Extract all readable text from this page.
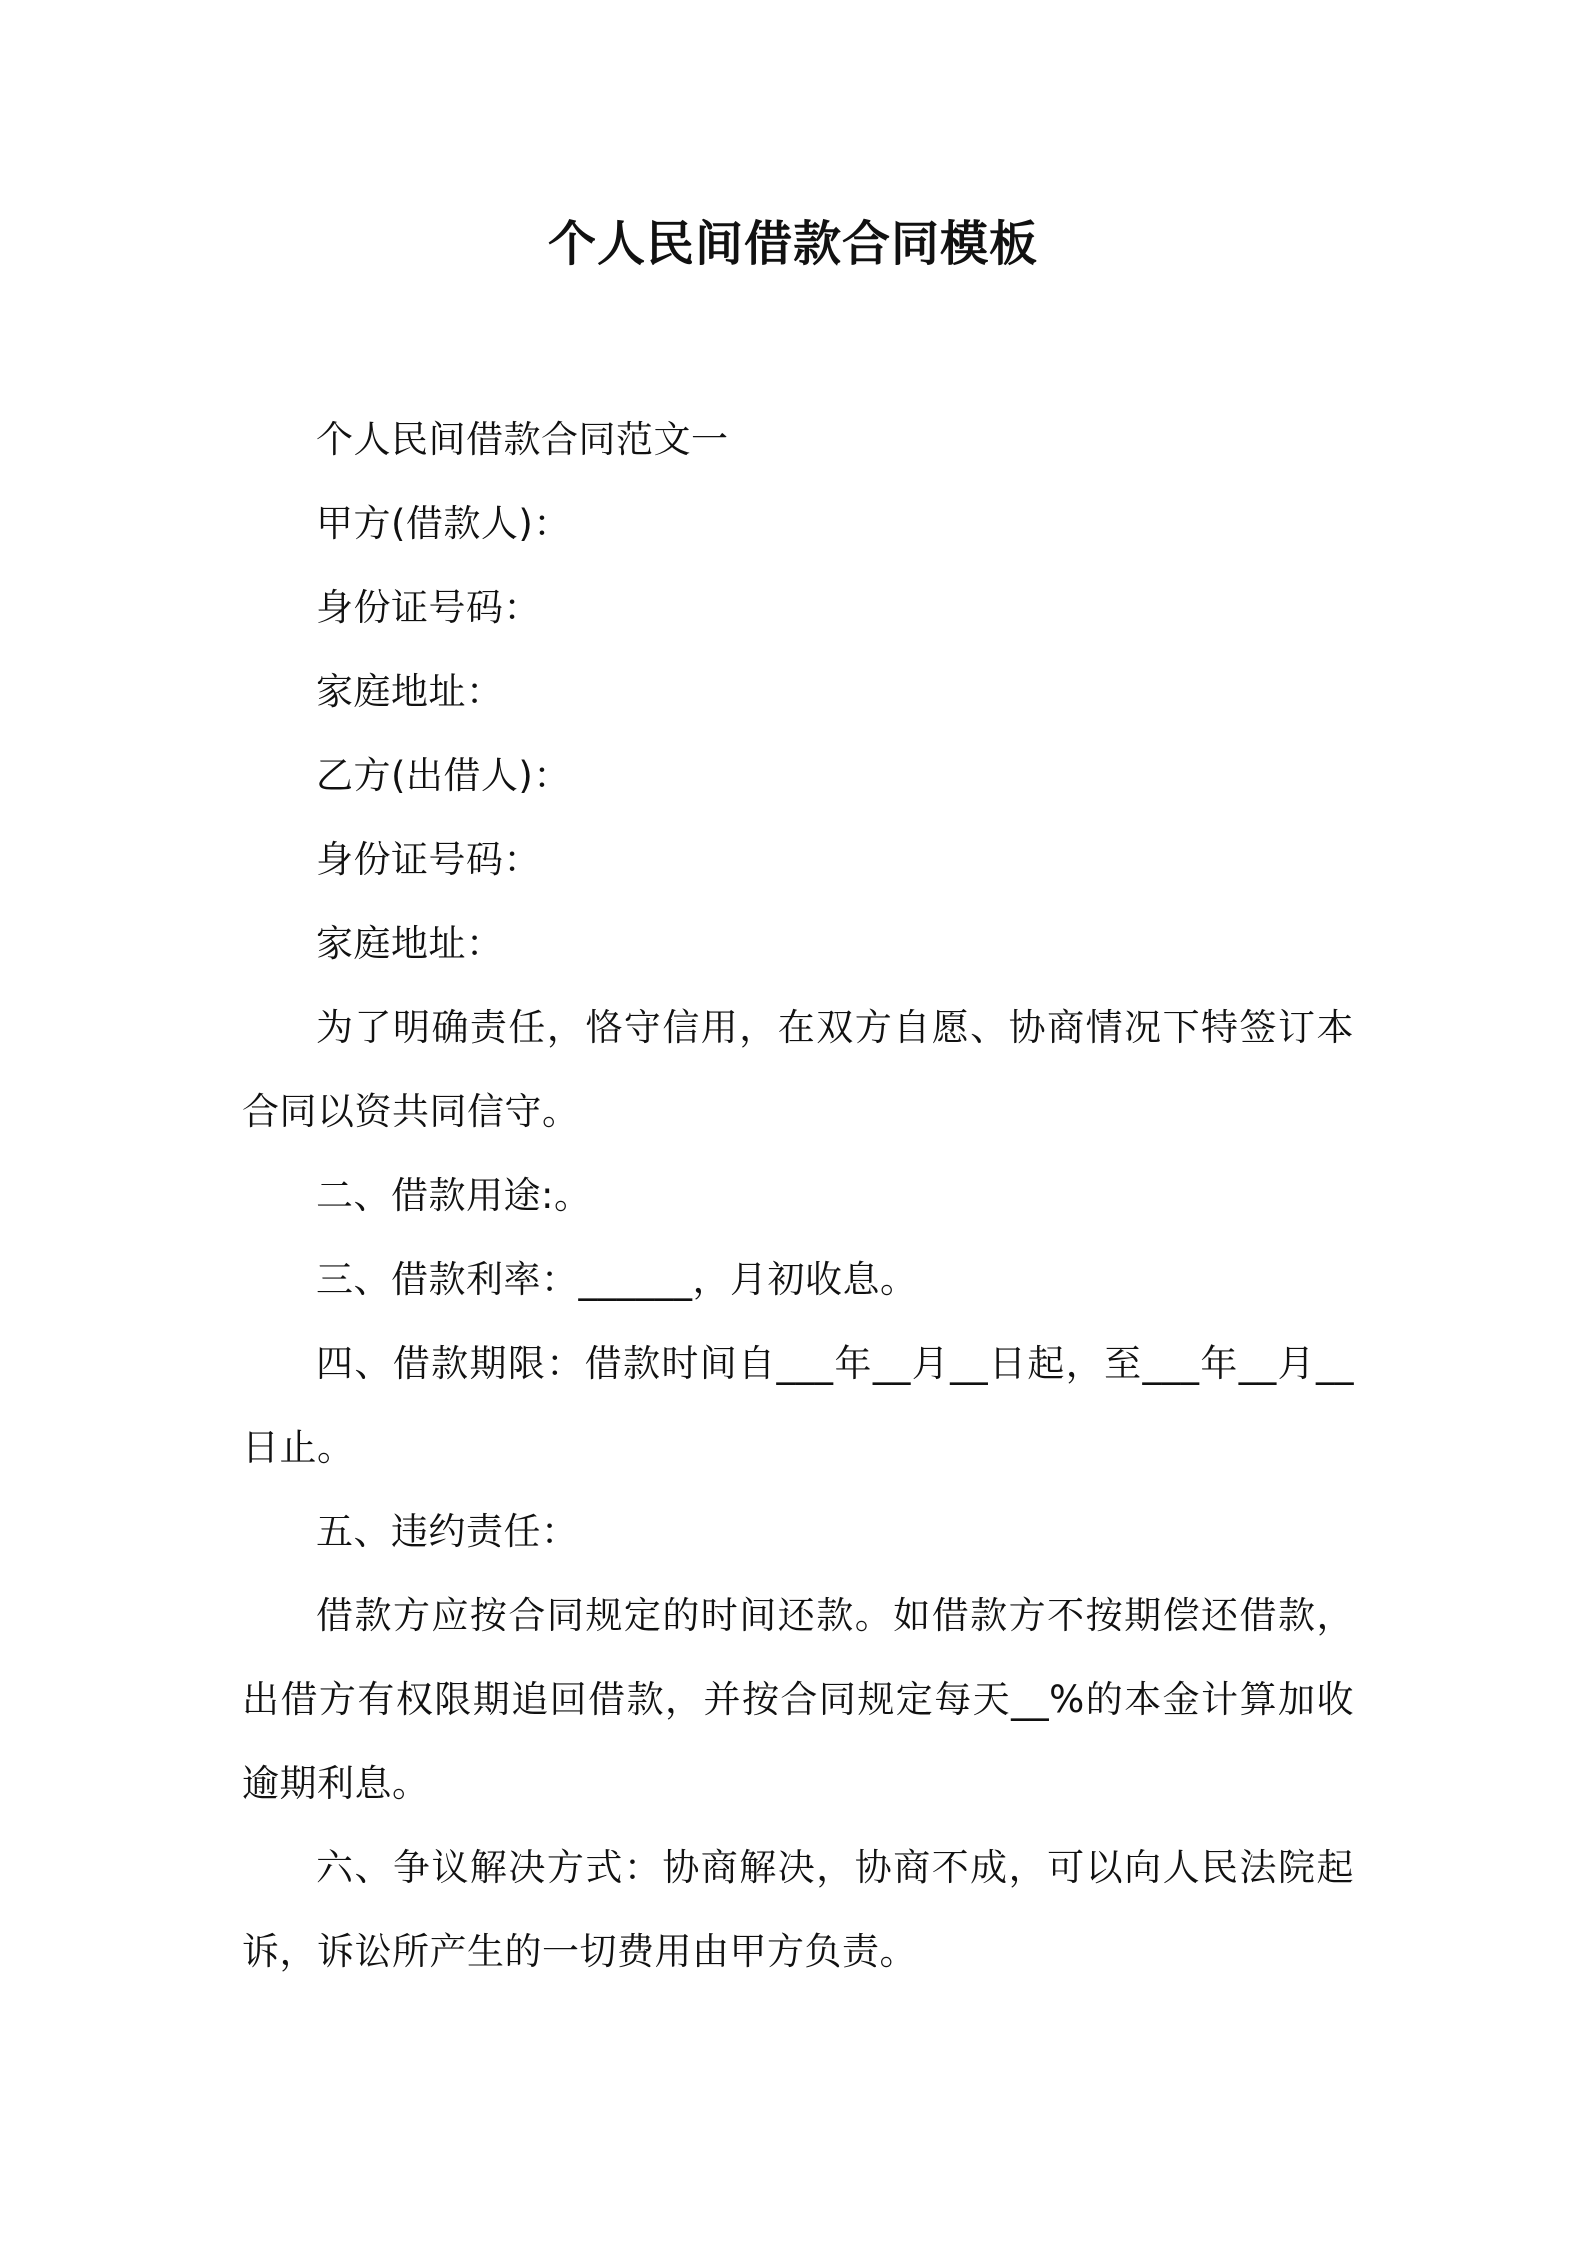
个人民间借款合同模板

个人民间借款合同范文一

甲方(借款人)：

身份证号码：

家庭地址：

乙方(出借人)：

身份证号码：

家庭地址：

为了明确责任，恪守信用，在双方自愿、协商情况下特签订本合同以资共同信守。

二、借款用途:。

三、借款利率：______，月初收息。

四、借款期限：借款时间自___年__月__日起，至___年__月__日止。

五、违约责任：

借款方应按合同规定的时间还款。如借款方不按期偿还借款，出借方有权限期追回借款，并按合同规定每天__%的本金计算加收逾期利息。

六、争议解决方式：协商解决，协商不成，可以向人民法院起诉，诉讼所产生的一切费用由甲方负责。
